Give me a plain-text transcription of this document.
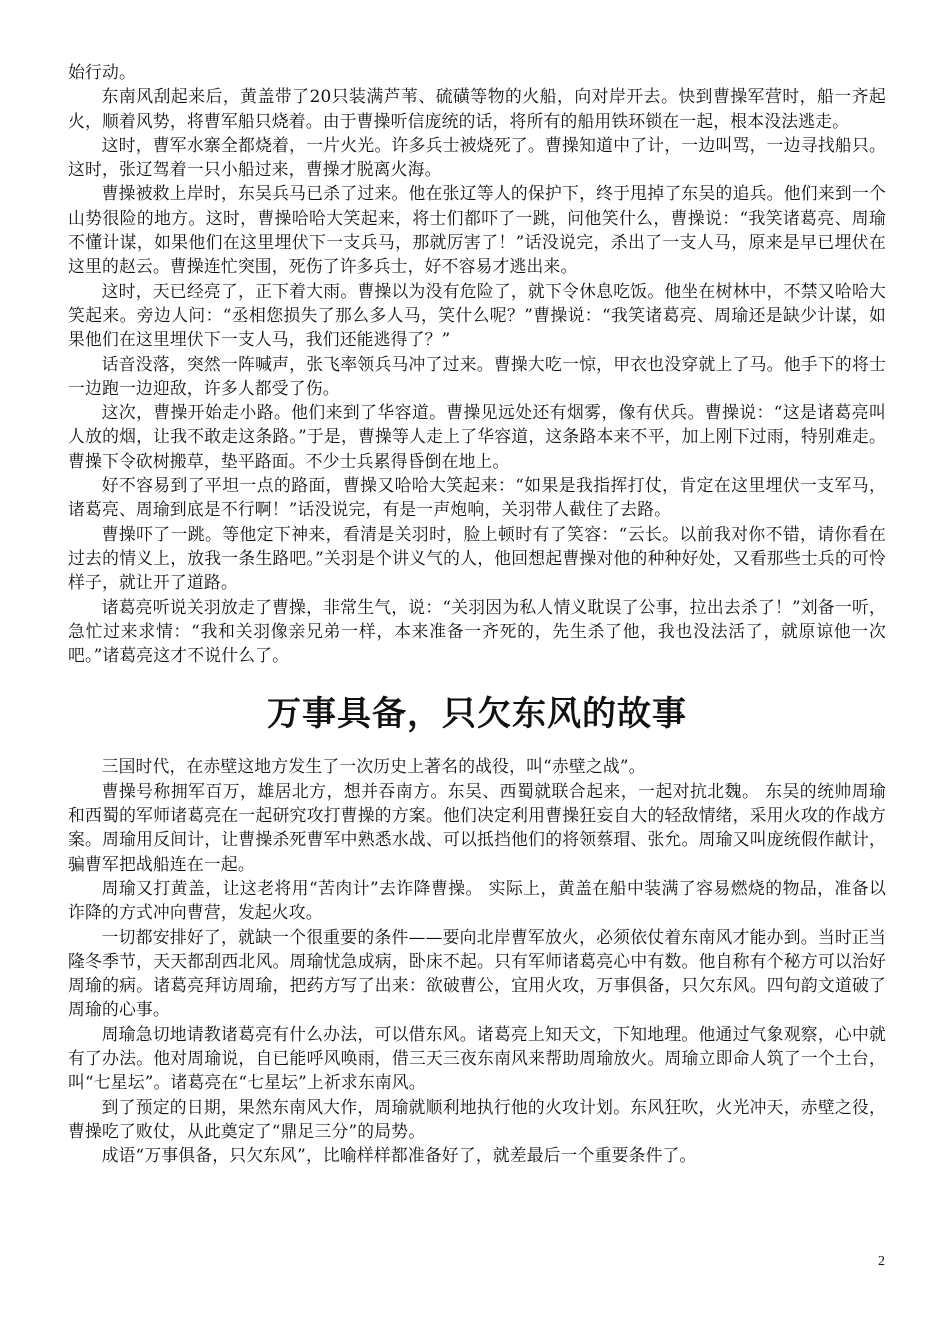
始行动。

东南风刮起来后，黄盖带了20只装满芦苇、硫磺等物的火船，向对岸开去。快到曹操军营时，船一齐起火，顺着风势，将曹军船只烧着。由于曹操听信庞统的话，将所有的船用铁环锁在一起，根本没法逃走。

这时，曹军水寨全都烧着，一片火光。许多兵士被烧死了。曹操知道中了计，一边叫骂，一边寻找船只。这时，张辽驾着一只小船过来，曹操才脱离火海。

曹操被救上岸时，东吴兵马已杀了过来。他在张辽等人的保护下，终于甩掉了东吴的追兵。他们来到一个山势很险的地方。这时，曹操哈哈大笑起来，将士们都吓了一跳，问他笑什么，曹操说：“我笑诸葛亮、周瑜不懂计谋，如果他们在这里埋伏下一支兵马，那就厉害了！”话没说完，杀出了一支人马，原来是早已埋伏在这里的赵云。曹操连忙突围，死伤了许多兵士，好不容易才逃出来。

这时，天已经亮了，正下着大雨。曹操以为没有危险了，就下令休息吃饭。他坐在树林中，不禁又哈哈大笑起来。旁边人问：“丞相您损失了那么多人马，笑什么呢？”曹操说：“我笑诸葛亮、周瑜还是缺少计谋，如果他们在这里埋伏下一支人马，我们还能逃得了？”

话音没落，突然一阵喊声，张飞率领兵马冲了过来。曹操大吃一惊，甲衣也没穿就上了马。他手下的将士一边跑一边迎敌，许多人都受了伤。

这次，曹操开始走小路。他们来到了华容道。曹操见远处还有烟雾，像有伏兵。曹操说：“这是诸葛亮叫人放的烟，让我不敢走这条路。”于是，曹操等人走上了华容道，这条路本来不平，加上刚下过雨，特别难走。曹操下令砍树搬草，垫平路面。不少士兵累得昏倒在地上。

好不容易到了平坦一点的路面，曹操又哈哈大笑起来：“如果是我指挥打仗，肯定在这里埋伏一支军马，诸葛亮、周瑜到底是不行啊！”话没说完，有是一声炮响，关羽带人截住了去路。

曹操吓了一跳。等他定下神来，看清是关羽时，脸上顿时有了笑容：“云长。以前我对你不错，请你看在过去的情义上，放我一条生路吧。”关羽是个讲义气的人，他回想起曹操对他的种种好处，又看那些士兵的可怜样子，就让开了道路。

诸葛亮听说关羽放走了曹操，非常生气，说：“关羽因为私人情义耽误了公事，拉出去杀了！”刘备一听，急忙过来求情：“我和关羽像亲兄弟一样，本来准备一齐死的，先生杀了他，我也没法活了，就原谅他一次吧。”诸葛亮这才不说什么了。

万事具备，只欠东风的故事

三国时代，在赤壁这地方发生了一次历史上著名的战役，叫“赤壁之战”。

曹操号称拥军百万，雄居北方，想并吞南方。东吴、西蜀就联合起来，一起对抗北魏。 东吴的统帅周瑜和西蜀的军师诸葛亮在一起研究攻打曹操的方案。他们决定利用曹操狂妄自大的轻敌情绪，采用火攻的作战方案。周瑜用反间计，让曹操杀死曹军中熟悉水战、可以抵挡他们的将领蔡瑁、张允。周瑜又叫庞统假作献计，骗曹军把战船连在一起。

周瑜又打黄盖，让这老将用“苦肉计”去诈降曹操。 实际上，黄盖在船中装满了容易燃烧的物品，准备以诈降的方式冲向曹营，发起火攻。

一切都安排好了，就缺一个很重要的条件——要向北岸曹军放火，必须依仗着东南风才能办到。当时正当隆冬季节，天天都刮西北风。周瑜忧急成病，卧床不起。只有军师诸葛亮心中有数。他自称有个秘方可以治好周瑜的病。诸葛亮拜访周瑜，把药方写了出来：欲破曹公，宜用火攻，万事俱备，只欠东风。四句韵文道破了周瑜的心事。

周瑜急切地请教诸葛亮有什么办法，可以借东风。诸葛亮上知天文，下知地理。他通过气象观察，心中就有了办法。他对周瑜说，自已能呼风唤雨，借三天三夜东南风来帮助周瑜放火。周瑜立即命人筑了一个土台，叫“七星坛”。诸葛亮在“七星坛”上祈求东南风。

到了预定的日期，果然东南风大作，周瑜就顺利地执行他的火攻计划。东风狂吹，火光冲天，赤壁之役，曹操吃了败仗，从此奠定了“鼎足三分”的局势。

成语“万事俱备，只欠东风”，比喻样样都准备好了，就差最后一个重要条件了。

2
